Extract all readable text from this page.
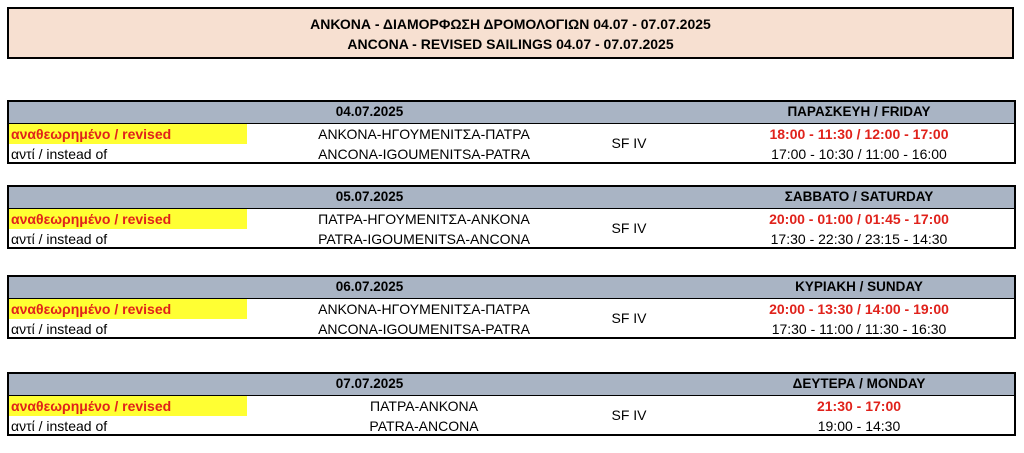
ΑΝΚΟΝΑ - ΔΙΑΜΟΡΦΩΣΗ ΔΡΟΜΟΛΟΓΙΩΝ 04.07 - 07.07.2025
ANCONA - REVISED SAILINGS 04.07 - 07.07.2025
04.07.2025	ΠΑΡΑΣΚΕΥΗ / FRIDAY
αναθεωρημένο / revised	ΑΝΚΟΝΑ-ΗΓΟΥΜΕΝΙΤΣΑ-ΠΑΤΡΑ	18:00 - 11:30 / 12:00 - 17:00
αντί / instead of	ANCONA-IGOUMENITSA-PATRA	17:00 - 10:30 / 11:00 - 16:00
SF IV
05.07.2025	ΣΑΒΒΑΤΟ / SATURDAY
αναθεωρημένο / revised	ΠΑΤΡΑ-ΗΓΟΥΜΕΝΙΤΣΑ-ΑΝΚΟΝΑ	20:00 - 01:00 / 01:45 - 17:00
αντί / instead of	PATRA-IGOUMENITSA-ANCONA	17:30 - 22:30 / 23:15 - 14:30
SF IV
06.07.2025	ΚΥΡΙΑΚΗ / SUNDAY
αναθεωρημένο / revised	ΑΝΚΟΝΑ-ΗΓΟΥΜΕΝΙΤΣΑ-ΠΑΤΡΑ	20:00 - 13:30 / 14:00 - 19:00
αντί / instead of	ANCONA-IGOUMENITSA-PATRA	17:30 - 11:00 / 11:30 - 16:30
SF IV
07.07.2025	ΔΕΥΤΕΡΑ / MONDAY
αναθεωρημένο / revised	ΠΑΤΡΑ-ΑΝΚΟΝΑ	21:30 - 17:00
αντί / instead of	PATRA-ANCONA	19:00 - 14:30
SF IV
